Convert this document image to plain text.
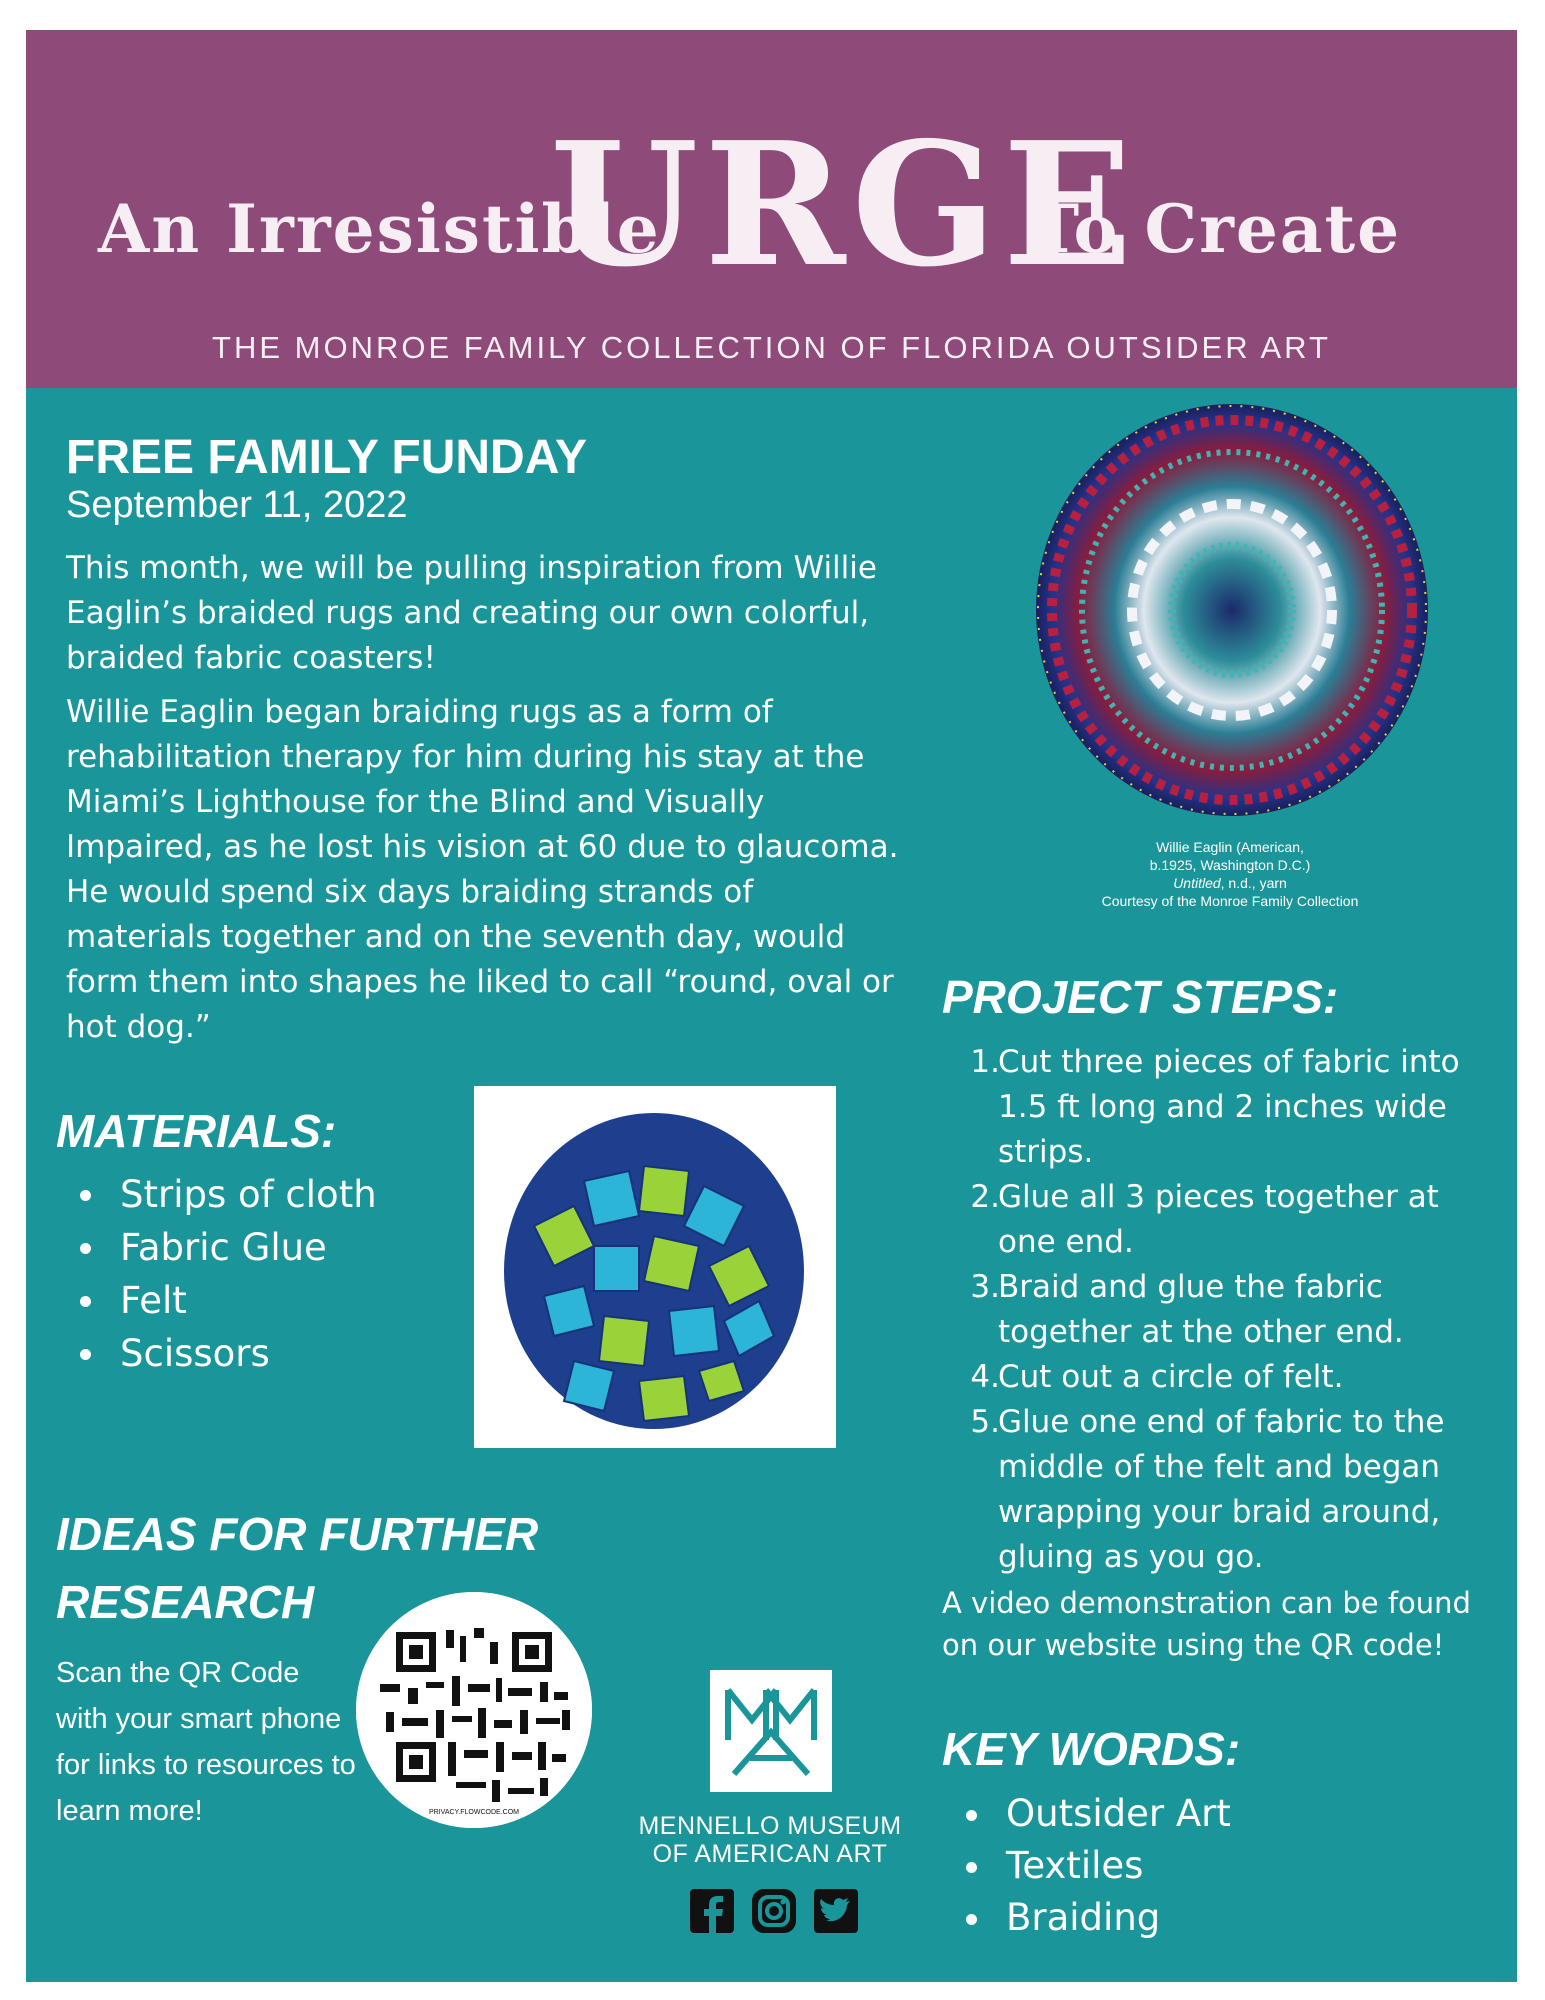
An Irresistible
URGE
To Create
THE MONROE FAMILY COLLECTION OF FLORIDA OUTSIDER ART
FREE FAMILY FUNDAY
September 11, 2022

This month, we will be pulling inspiration from Willie Eaglin’s braided rugs and creating our own colorful, braided fabric coasters!

Willie Eaglin began braiding rugs as a form of rehabilitation therapy for him during his stay at the Miami’s Lighthouse for the Blind and Visually Impaired, as he lost his vision at 60 due to glaucoma. He would spend six days braiding strands of materials together and on the seventh day, would form them into shapes he liked to call “round, oval or hot dog.”

Willie Eaglin (American,
b.1925, Washington D.C.)
Untitled, n.d., yarn
Courtesy of the Monroe Family Collection
MATERIALS:
Strips of cloth
Fabric Glue
Felt
Scissors
IDEAS FOR FURTHER RESEARCH
Scan the QR Code with your smart phone for links to resources to learn more!	PRIVACY.FLOWCODE.COM	MENNELLO MUSEUM
OF AMERICAN ART
PROJECT STEPS:
1.
Cut three pieces of fabric into 1.5 ft long and 2 inches wide strips.
2.
Glue all 3 pieces together at one end.
3.
Braid and glue the fabric together at the other end.
4.
Cut out a circle of felt.
5.
Glue one end of fabric to the middle of the felt and began wrapping your braid around, gluing as you go.
A video demonstration can be found on our website using the QR code!
KEY WORDS:
Outsider Art
Textiles
Braiding
